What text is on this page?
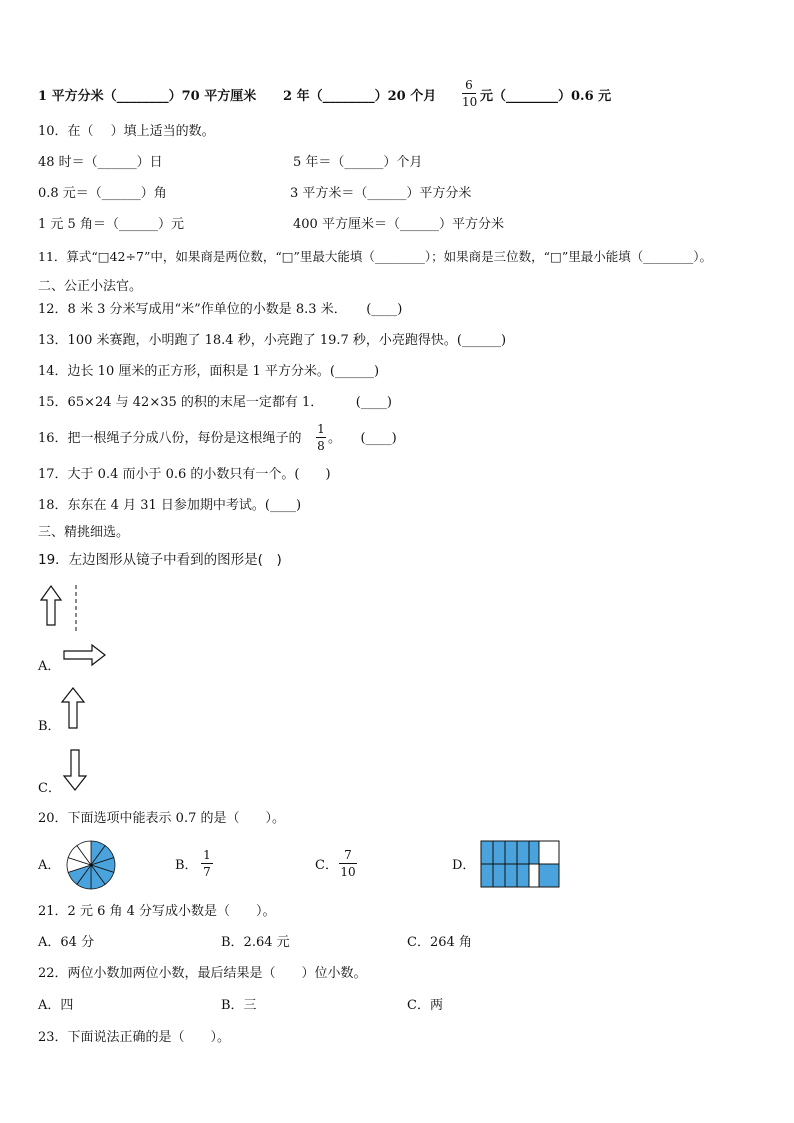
1 平方分米（________）70 平方厘米 2 年（________）20 个月
6
10 元（________）0.6 元
10．在（　 ）填上适当的数。
48 时＝（______）日	5 年＝（______）个月
0.8 元＝（______）角	3 平方米＝（______）平方分米
1 元 5 角＝（______）元	400 平方厘米＝（______）平方分米
11．算式“□42÷7”中，如果商是两位数，“□”里最大能填（________）；如果商是三位数，“□”里最小能填（________）。
二、公正小法官。
12．8 米 3 分米写成用“米”作单位的小数是 8.3 米．　　(____)
13．100 米赛跑，小明跑了 18.4 秒，小亮跑了 19.7 秒，小亮跑得快。(______)
14．边长 10 厘米的正方形，面积是 1 平方分米。(______)
15．65×24 与 42×35 的积的末尾一定都有 1．　　　(____)
16．把一根绳子分成八份，每份是这根绳子的
1
8 。　　(____)
17．大于 0.4 而小于 0.6 的小数只有一个。(　　)
18．东东在 4 月 31 日参加期中考试。(____)
三、精挑细选。
19．左边图形从镜子中看到的图形是(　)
A．
B．
C．
20．下面选项中能表示 0.7 的是（　　）。
A．	B．
1
7	C．
7
10	D．
21．2 元 6 角 4 分写成小数是（　　）。
A．64 分	B．2.64 元	C．264 角
22．两位小数加两位小数，最后结果是（　　）位小数。
A．四	B．三	C．两
23．下面说法正确的是（　　）。
